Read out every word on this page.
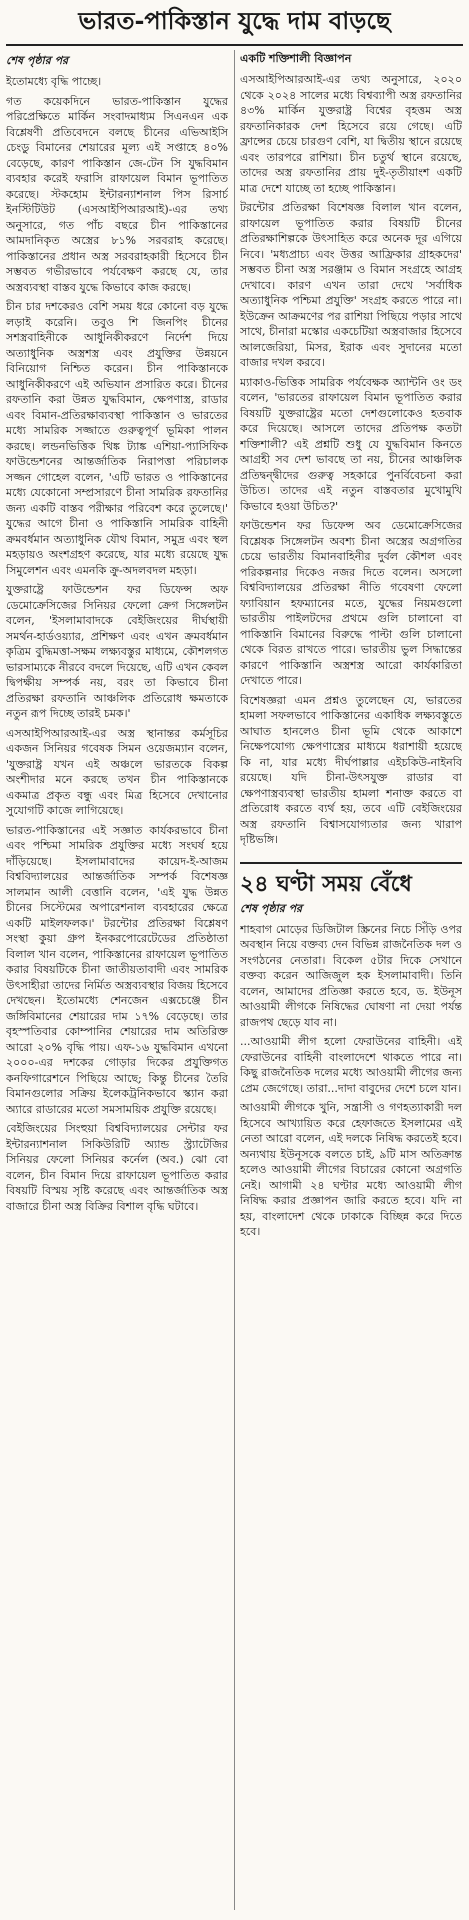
ভারত-পাকিস্তান যুদ্ধে দাম বাড়ছে
শেষ পৃষ্ঠার পর

ইতোমধ্যে বৃদ্ধি পাচ্ছে।

গত কয়েকদিনে ভারত-পাকিস্তান যুদ্ধের পরিপ্রেক্ষিতে মার্কিন সংবাদমাধ্যম সিএনএন এক বিশ্লেষণী প্রতিবেদনে বলছে চীনের এভিআইসি চেংডু বিমানের শেয়ারের মূল্য এই সপ্তাহে ৪০% বেড়েছে, কারণ পাকিস্তান জে-টেন সি যুদ্ধবিমান ব্যবহার করেই ফরাসি রাফায়েল বিমান ভূপাতিত করেছে। স্টকহোম ইন্টারন্যাশনাল পিস রিসার্চ ইনস্টিটিউট (এসআইপিআরআই)-এর তথ্য অনুসারে, গত পাঁচ বছরে চীন পাকিস্তানের আমদানিকৃত অস্ত্রের ৮১% সরবরাহ করেছে। পাকিস্তানের প্রধান অস্ত্র সরবরাহকারী হিসেবে চীন সম্ভবত গভীরভাবে পর্যবেক্ষণ করছে যে, তার অস্ত্রব্যবস্থা বাস্তব যুদ্ধে কিভাবে কাজ করছে।

চীন চার দশকেরও বেশি সময় ধরে কোনো বড় যুদ্ধে লড়াই করেনি। তবুও শি জিনপিং চীনের সশস্ত্রবাহিনীকে আধুনিকীকরণে নির্দেশ দিয়ে অত্যাধুনিক অস্ত্রশস্ত্র এবং প্রযুক্তির উন্নয়নে বিনিয়োগ নিশ্চিত করেন। চীন পাকিস্তানকে আধুনিকীকরণে এই অভিযান প্রসারিত করে। চীনের রফতানি করা উন্নত যুদ্ধবিমান, ক্ষেপণাস্ত্র, রাডার এবং বিমান-প্রতিরক্ষাব্যবস্থা পাকিস্তান ও ভারতের মধ্যে সামরিক সজ্জাতে গুরুত্বপূর্ণ ভূমিকা পালন করছে। লন্ডনভিত্তিক থিঙ্ক ট্যাঙ্ক এশিয়া-প্যাসিফিক ফাউন্ডেশনের আন্তর্জাতিক নিরাপত্তা পরিচালক সজ্জন গোহেল বলেন, 'এটি ভারত ও পাকিস্তানের মধ্যে যেকোনো সম্প্রসারণে চীনা সামরিক রফতানির জন্য একটি বাস্তব পরীক্ষার পরিবেশ করে তুলেছে।' যুদ্ধের আগে চীনা ও পাকিস্তানি সামরিক বাহিনী ক্রমবর্ধমান অত্যাধুনিক যৌথ বিমান, সমুদ্র এবং স্থল মহড়ায়ও অংশগ্রহণ করেছে, যার মধ্যে রয়েছে যুদ্ধ সিমুলেশন এবং এমনকি ক্রু-অদলবদল মহড়া।

যুক্তরাষ্ট্রে ফাউন্ডেশন ফর ডিফেন্স অফ ডেমোক্রেসিজের সিনিয়র ফেলো ক্রেগ সিঙ্গেলটন বলেন, 'ইসলামাবাদকে বেইজিংয়ের দীর্ঘস্থায়ী সমর্থন-হার্ডওয়্যার, প্রশিক্ষণ এবং এখন ক্রমবর্ধমান কৃত্রিম বুদ্ধিমত্তা-সক্ষম লক্ষ্যবস্তুর মাধ্যমে, কৌশলগত ভারসাম্যকে নীরবে বদলে দিয়েছে, এটি এখন কেবল দ্বিপক্ষীয় সম্পর্ক নয়, বরং তা কিভাবে চীনা প্রতিরক্ষা রফতানি আঞ্চলিক প্রতিরোধ ক্ষমতাকে নতুন রূপ দিচ্ছে তারই চমক।'

এসআইপিআরআই-এর অস্ত্র স্থানান্তর কর্মসূচির একজন সিনিয়র গবেষক সিমন ওয়েজম্যান বলেন, 'যুক্তরাষ্ট্র যখন এই অঞ্চলে ভারতকে বিকল্প অংশীদার মনে করছে তখন চীন পাকিস্তানকে একমাত্র প্রকৃত বন্ধু এবং মিত্র হিসেবে দেখানোর সুযোগটি কাজে লাগিয়েছে।

ভারত-পাকিস্তানের এই সজ্ঞাত কার্যকরভাবে চীনা এবং পশ্চিমা সামরিক প্রযুক্তির মধ্যে সংঘর্ষ হয়ে দাঁড়িয়েছে। ইসলামাবাদের কায়েদ-ই-আজম বিশ্ববিদ্যালয়ের আন্তর্জাতিক সম্পর্ক বিশেষজ্ঞ সালমান আলী বেত্তানি বলেন, 'এই যুদ্ধ উন্নত চীনের সিস্টেমের অপারেশনাল ব্যবহারের ক্ষেত্রে একটি মাইলফলক।' টরন্টোর প্রতিরক্ষা বিশ্লেষণ সংস্থা কুয়া গ্রুপ ইনকরপোরেটেডের প্রতিষ্ঠাতা বিলাল খান বলেন, পাকিস্তানের রাফায়েল ভূপাতিত করার বিষয়টিকে চীনা জাতীয়তাবাদী এবং সামরিক উৎসাহীরা তাদের নির্মিত অস্ত্রব্যবস্থার বিজয় হিসেবে দেখছেন। ইতোমধ্যে শেনজেন এক্সচেঞ্জে চীন জঙ্গিবিমানের শেয়ারের দাম ১৭% বেড়েছে। তার বৃহস্পতিবার কোম্পানির শেয়ারের দাম অতিরিক্ত আরো ২০% বৃদ্ধি পায়। এফ-১৬ যুদ্ধবিমান এখনো ২০০০-এর দশকের গোড়ার দিকের প্রযুক্তিগত কনফিগারেশনে পিছিয়ে আছে; কিন্তু চীনের তৈরি বিমানগুলোর সক্রিয় ইলেকট্রনিকভাবে স্ক্যান করা অ্যারে রাডারের মতো সমসাময়িক প্রযুক্তি রয়েছে।

বেইজিংয়ের সিংহুয়া বিশ্ববিদ্যালয়ের সেন্টার ফর ইন্টারন্যাশনাল সিকিউরিটি অ্যান্ড স্ট্র্যাটেজির সিনিয়র ফেলো সিনিয়র কর্নেল (অব.) ঝো বো বলেন, চীন বিমান দিয়ে রাফায়েল ভূপাতিত করার বিষয়টি বিস্ময় সৃষ্টি করেছে এবং আন্তর্জাতিক অস্ত্র বাজারে চীনা অস্ত্র বিক্রির বিশাল বৃদ্ধি ঘটাবে।

একটি শক্তিশালী বিজ্ঞাপন

এসআইপিআরআই-এর তথ্য অনুসারে, ২০২০ থেকে ২০২৪ সালের মধ্যে বিশ্বব্যাপী অস্ত্র রফতানির ৪৩% মার্কিন যুক্তরাষ্ট্র বিশ্বের বৃহত্তম অস্ত্র রফতানিকারক দেশ হিসেবে রয়ে গেছে। এটি ফ্রান্সের চেয়ে চারগুণ বেশি, যা দ্বিতীয় স্থানে রয়েছে এবং তারপরে রাশিয়া। চীন চতুর্থ স্থানে রয়েছে, তাদের অস্ত্র রফতানির প্রায় দুই-তৃতীয়াংশ একটি মাত্র দেশে যাচ্ছে তা হচ্ছে পাকিস্তান।

টরন্টোর প্রতিরক্ষা বিশেষজ্ঞ বিলাল খান বলেন, রাফায়েল ভূপাতিত করার বিষয়টি চীনের প্রতিরক্ষাশিল্পকে উৎসাহিত করে অনেক দূর এগিয়ে নিবে। 'মধ্যপ্রাচ্য এবং উত্তর আফ্রিকার গ্রাহকদের' সম্ভবত চীনা অস্ত্র সরঞ্জাম ও বিমান সংগ্রহে আগ্রহ দেখাবে। কারণ এখন তারা দেখে 'সর্বাধিক অত্যাধুনিক পশ্চিমা প্রযুক্তি' সংগ্রহ করতে পারে না। ইউক্রেন আক্রমণের পর রাশিয়া পিছিয়ে পড়ার সাথে সাথে, চীনারা মস্কোর একচেটিয়া অস্ত্রবাজার হিসেবে আলজেরিয়া, মিসর, ইরাক এবং সুদানের মতো বাজার দখল করবে।

ম্যাকাও-ভিত্তিক সামরিক পর্যবেক্ষক অ্যান্টনি ওং ডং বলেন, 'ভারতের রাফায়েল বিমান ভূপাতিত করার বিষয়টি যুক্তরাষ্ট্রের মতো দেশগুলোকেও হতবাক করে দিয়েছে। আসলে তাদের প্রতিপক্ষ কতটা শক্তিশালী? এই প্রশ্নটি শুধু যে যুদ্ধবিমান কিনতে আগ্রহী সব দেশ ভাবছে তা নয়, চীনের আঞ্চলিক প্রতিদ্বন্দ্বীদের গুরুত্ব সহকারে পুনর্বিবেচনা করা উচিত। তাদের এই নতুন বাস্তবতার মুখোমুখি কিভাবে হওয়া উচিত?'

ফাউন্ডেশন ফর ডিফেন্স অব ডেমোক্রেসিজের বিশ্লেষক সিঙ্গেলটন অবশ্য চীনা অস্ত্রের অগ্রগতির চেয়ে ভারতীয় বিমানবাহিনীর দুর্বল কৌশল এবং পরিকল্পনার দিকেও নজর দিতে বলেন। অসলো বিশ্ববিদ্যালয়ের প্রতিরক্ষা নীতি গবেষণা ফেলো ফ্যাবিয়ান হফম্যানের মতে, যুদ্ধের নিয়মগুলো ভারতীয় পাইলটদের প্রথমে গুলি চালানো বা পাকিস্তানি বিমানের বিরুদ্ধে পাল্টা গুলি চালানো থেকে বিরত রাখতে পারে। ভারতীয় ভুল সিদ্ধান্তের কারণে পাকিস্তানি অস্ত্রশস্ত্র আরো কার্যকারিতা দেখাতে পারে।

বিশেষজ্ঞরা এমন প্রশ্নও তুলেছেন যে, ভারতের হামলা সফলভাবে পাকিস্তানের একাধিক লক্ষ্যবস্তুতে আঘাত হানলেও চীনা ভূমি থেকে আকাশে নিক্ষেপযোগ্য ক্ষেপণাস্ত্রের মাধ্যমে ধরাশায়ী হয়েছে কি না, যার মধ্যে দীর্ঘপাল্লার এইচকিউ-নাইনবি রয়েছে। যদি চীনা-উৎসযুক্ত রাডার বা ক্ষেপণাস্ত্রব্যবস্থা ভারতীয় হামলা শনাক্ত করতে বা প্রতিরোধ করতে ব্যর্থ হয়, তবে এটি বেইজিংয়ের অস্ত্র রফতানি বিশ্বাসযোগ্যতার জন্য খারাপ দৃষ্টিভঙ্গি।

২৪ ঘণ্টা সময় বেঁধে
শেষ পৃষ্ঠার পর

শাহবাগ মোড়ের ডিজিটাল স্ক্রিনের নিচে সিঁড়ি ওপর অবস্থান নিয়ে বক্তব্য দেন বিভিন্ন রাজনৈতিক দল ও সংগঠনের নেতারা। বিকেল ৫টার দিকে সেখানে বক্তব্য করেন আজিজুল হক ইসলামাবাদী। তিনি বলেন, আমাদের প্রতিজ্ঞা করতে হবে, ড. ইউনূস আওয়ামী লীগকে নিষিদ্ধের ঘোষণা না দেয়া পর্যন্ত রাজপথ ছেড়ে যাব না।

...আওয়ামী লীগ হলো ফেরাউনের বাহিনী। এই ফেরাউনের বাহিনী বাংলাদেশে থাকতে পারে না। কিছু রাজনৈতিক দলের মধ্যে আওয়ামী লীগের জন্য প্রেম জেগেছে। তারা...দাদা বাবুদের দেশে চলে যান।

আওয়ামী লীগকে খুনি, সন্ত্রাসী ও গণহত্যাকারী দল হিসেবে আখ্যায়িত করে হেফাজতে ইসলামের এই নেতা আরো বলেন, এই দলকে নিষিদ্ধ করতেই হবে। অন্যথায় ইউনূসকে বলতে চাই, ৯টি মাস অতিক্রান্ত হলেও আওয়ামী লীগের বিচারের কোনো অগ্রগতি নেই। আগামী ২৪ ঘণ্টার মধ্যে আওয়ামী লীগ নিষিদ্ধ করার প্রজ্ঞাপন জারি করতে হবে। যদি না হয়, বাংলাদেশ থেকে ঢাকাকে বিচ্ছিন্ন করে দিতে হবে।
